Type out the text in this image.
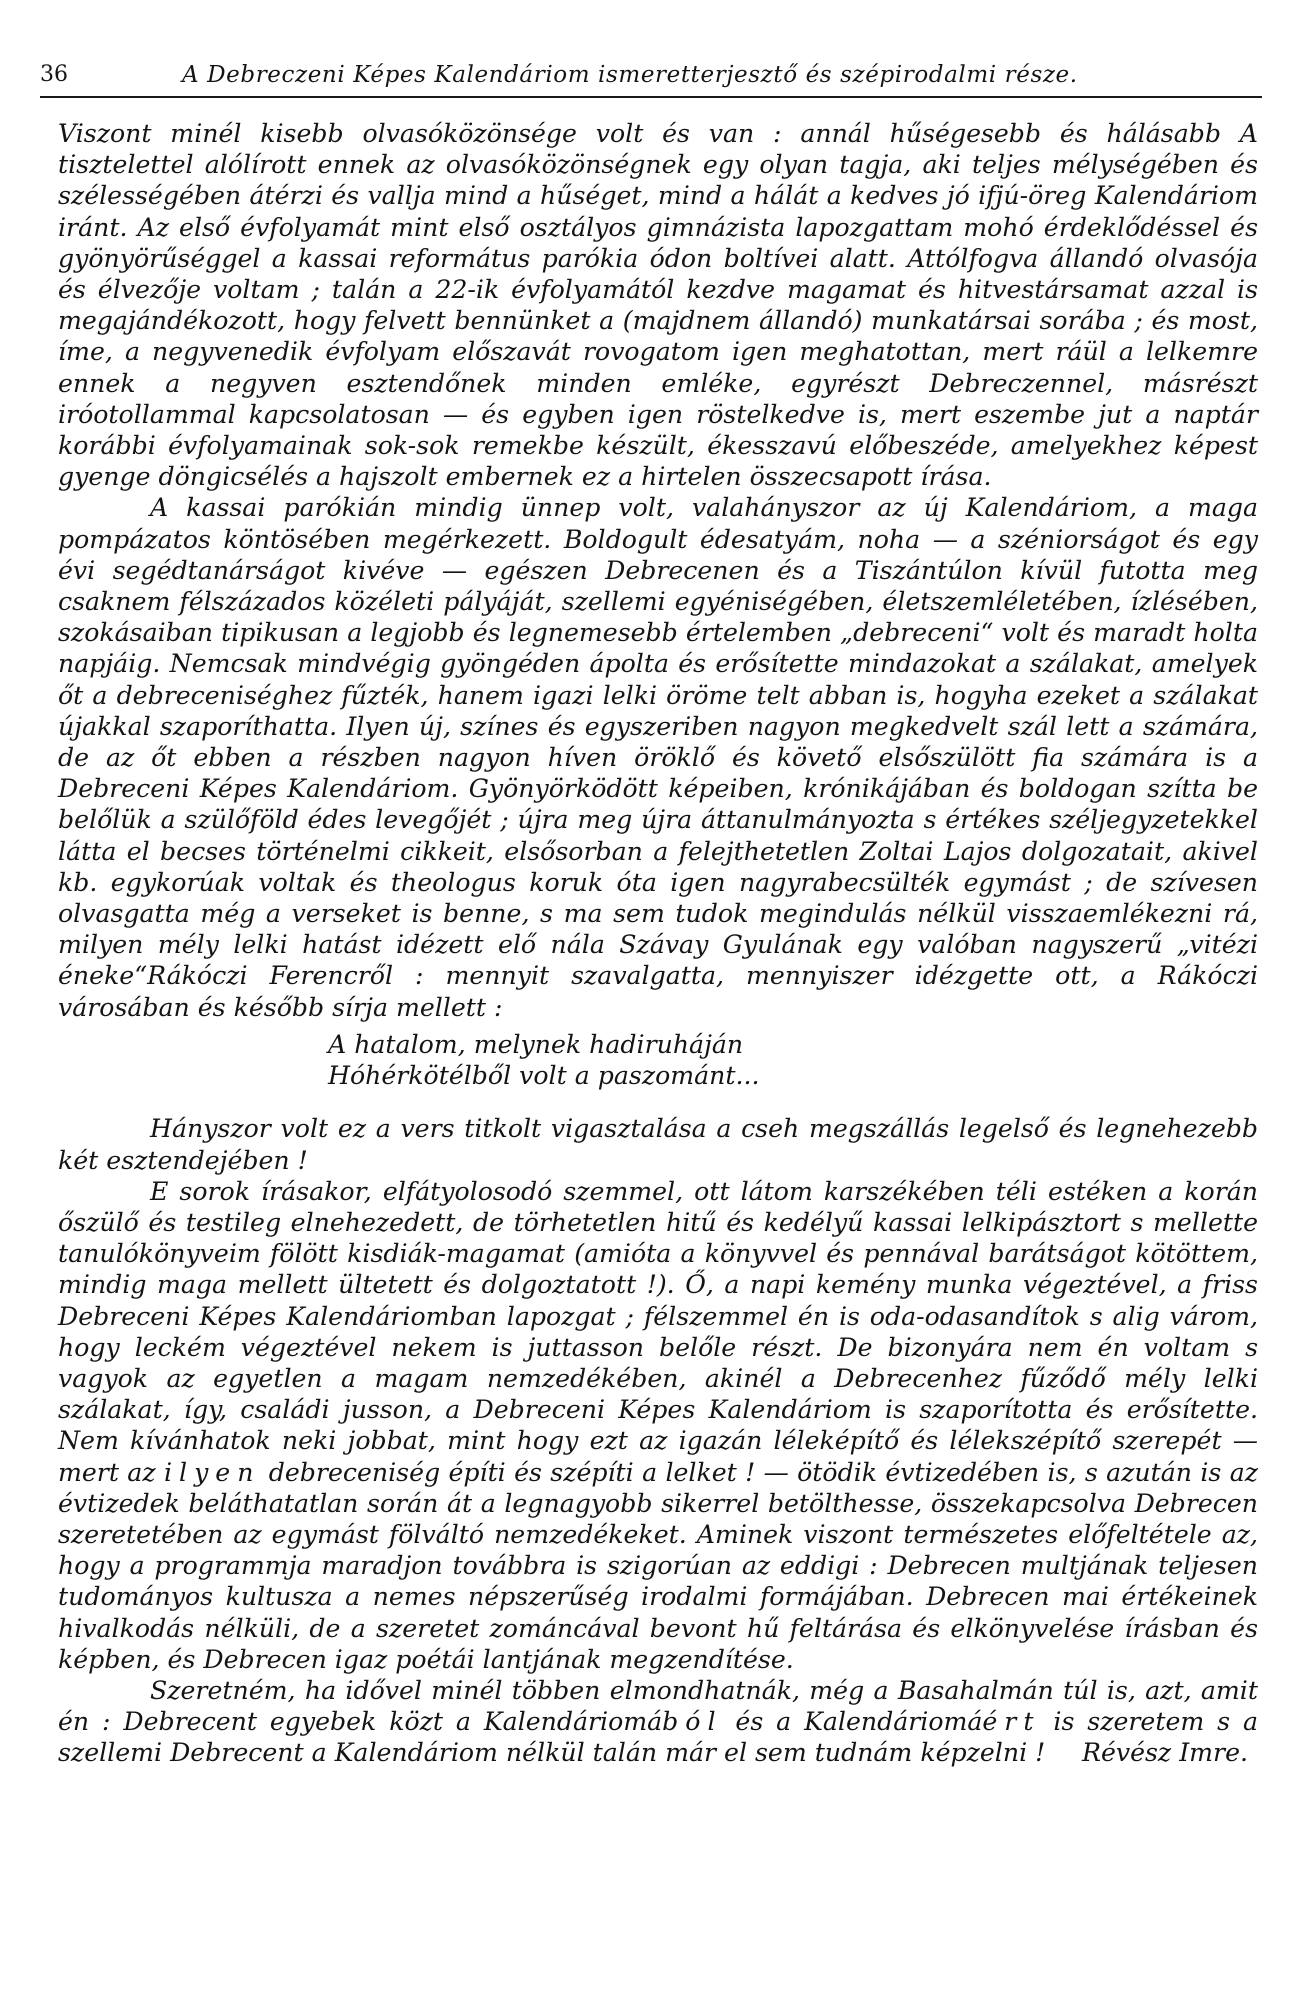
36	A Debreczeni Képes Kalendáriom ismeretterjesztő és szépirodalmi része.

Viszont minél kisebb olvasóközönsége volt és van : annál hűségesebb és hálásabb A tisztelettel alólírott ennek az olvasóközönségnek egy olyan tagja, aki teljes mélységében és szélességében átérzi és vallja mind a hűséget, mind a hálát a kedves jó ifjú-öreg Kalendáriom iránt. Az első évfolyamát mint első osztályos gimnázista lapozgattam mohó érdeklődéssel és gyönyörűséggel a kassai református parókia ódon boltívei alatt. Attólfogva állandó olvasója és élvezője voltam ; talán a 22-ik évfolyamától kezdve magamat és hitvestársamat azzal is megajándékozott, hogy felvett bennünket a (majdnem állandó) munkatársai sorába ; és most, íme, a negyvenedik évfolyam előszavát rovogatom igen meghatottan, mert ráül a lelkemre ennek a negyven esztendőnek minden emléke, egyrészt Debreczennel, másrészt iróotollammal kapcsolatosan — és egyben igen röstelkedve is, mert eszembe jut a naptár korábbi évfolyamainak sok-sok remekbe készült, ékesszavú előbeszéde, amelyekhez képest gyenge döngicsélés a hajszolt embernek ez a hirtelen összecsapott írása.

A kassai parókián mindig ünnep volt, valahányszor az új Kalendáriom, a maga pompázatos köntösében megérkezett. Boldogult édesatyám, noha — a széniorságot és egy évi segédtanárságot kivéve — egészen Debrecenen és a Tiszántúlon kívül futotta meg csaknem félszázados közéleti pályáját, szellemi egyéniségében, életszemléletében, ízlésében, szokásaiban tipikusan a legjobb és legnemesebb értelemben „debreceni“ volt és maradt holta napjáig. Nemcsak mindvégig gyöngéden ápolta és erősítette mindazokat a szálakat, amelyek őt a debreceniséghez fűzték, hanem igazi lelki öröme telt abban is, hogyha ezeket a szálakat újakkal szaporíthatta. Ilyen új, színes és egyszeriben nagyon megkedvelt szál lett a számára, de az őt ebben a részben nagyon híven öröklő és követő elsőszülött fia számára is a Debreceni Képes Kalendáriom. Gyönyörködött képeiben, krónikájában és boldogan szítta be belőlük a szülőföld édes levegőjét ; újra meg újra áttanulmányozta s értékes széljegyzetekkel látta el becses történelmi cikkeit, elsősorban a felejthetetlen Zoltai Lajos dolgozatait, akivel kb. egykorúak voltak és theologus koruk óta igen nagyrabecsülték egymást ; de szívesen olvasgatta még a verseket is benne, s ma sem tudok megindulás nélkül visszaemlékezni rá, milyen mély lelki hatást idézett elő nála Szávay Gyulának egy valóban nagyszerű „vitézi éneke“Rákóczi Ferencről : mennyit szavalgatta, mennyiszer idézgette ott, a Rákóczi városában és később sírja mellett :

A hatalom, melynek hadiruháján
Hóhérkötélből volt a paszománt...

Hányszor volt ez a vers titkolt vigasztalása a cseh megszállás legelső és legnehezebb két esztendejében !

E sorok írásakor, elfátyolosodó szemmel, ott látom karszékében téli estéken a korán őszülő és testileg elnehezedett, de törhetetlen hitű és kedélyű kassai lelkipásztort s mellette tanulókönyveim fölött kisdiák-magamat (amióta a könyvvel és pennával barátságot kötöttem, mindig maga mellett ültetett és dolgoztatott !). Ő, a napi kemény munka végeztével, a friss Debreceni Képes Kalendáriomban lapozgat ; félszemmel én is oda-odasandítok s alig várom, hogy leckém végeztével nekem is juttasson belőle részt. De bizonyára nem én voltam s vagyok az egyetlen a magam nemzedékében, akinél a Debrecenhez fűződő mély lelki szálakat, így, családi jusson, a Debreceni Képes Kalendáriom is szaporította és erősítette. Nem kívánhatok neki jobbat, mint hogy ezt az igazán léleképítő és lélekszépítő szerepét — mert az ilyen debreceniség építi és szépíti a lelket ! — ötödik évtizedében is, s azután is az évtizedek beláthatatlan során át a legnagyobb sikerrel betölthesse, összekapcsolva Debrecen szeretetében az egymást fölváltó nemzedékeket. Aminek viszont természetes előfeltétele az, hogy a programmja maradjon továbbra is szigorúan az eddigi : Debrecen multjának teljesen tudományos kultusza a nemes népszerűség irodalmi formájában. Debrecen mai értékeinek hivalkodás nélküli, de a szeretet zománcával bevont hű feltárása és elkönyvelése írásban és képben, és Debrecen igaz poétái lantjának megzendítése.

Szeretném, ha idővel minél többen elmondhatnák, még a Basahalmán túl is, azt, amit én : Debrecent egyebek közt a Kalendáriomából és a Kalendáriomáért is szeretem s a szellemi Debrecent a Kalendáriom nélkül talán már el sem tudnám képzelni !	Révész Imre.
